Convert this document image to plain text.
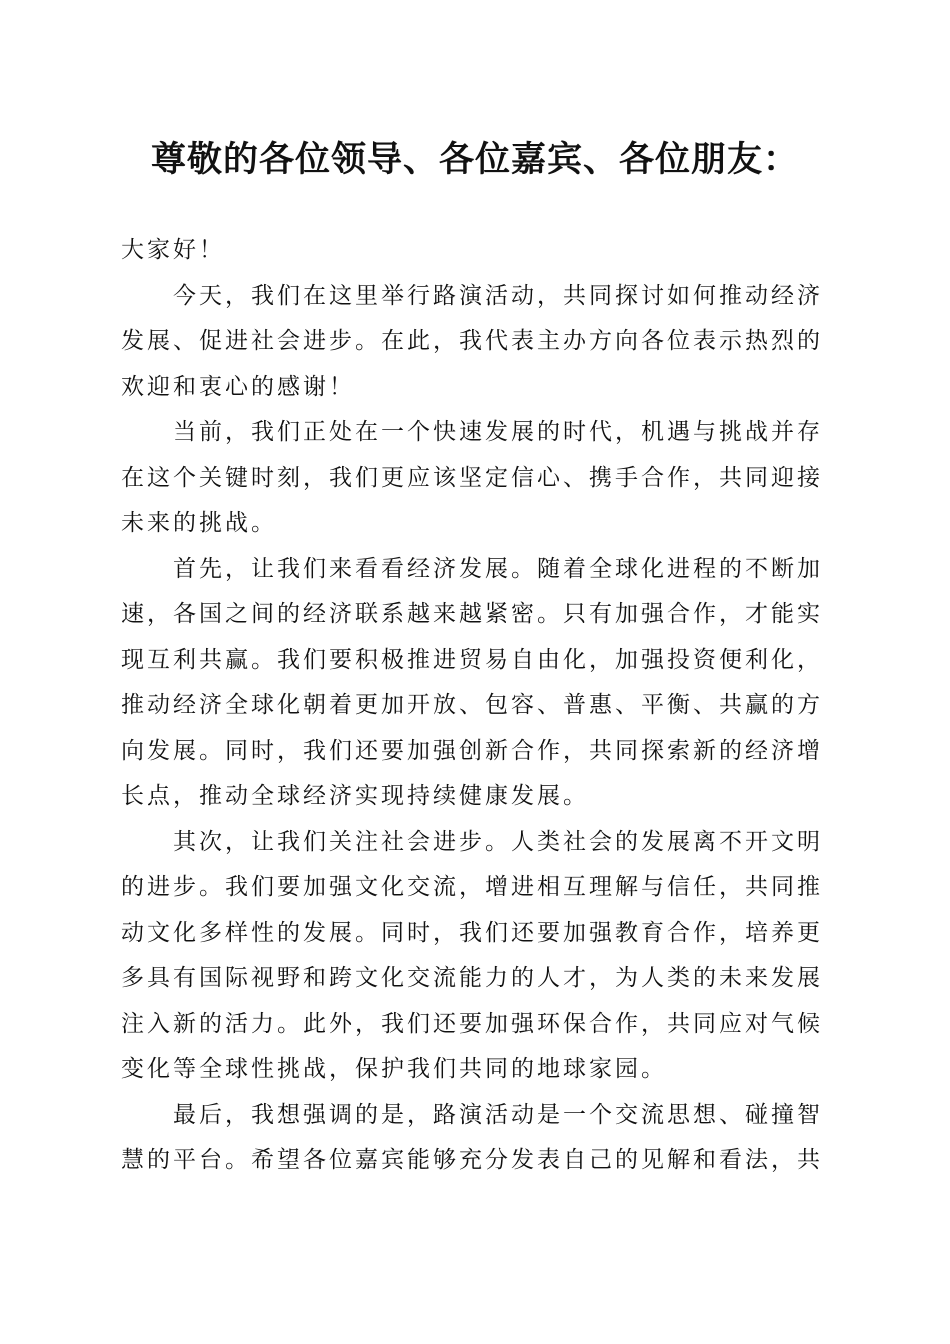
尊敬的各位领导、各位嘉宾、各位朋友：

大家好！

今天，我们在这里举行路演活动，共同探讨如何推动经济发展、促进社会进步。在此，我代表主办方向各位表示热烈的欢迎和衷心的感谢！

当前，我们正处在一个快速发展的时代，机遇与挑战并存在这个关键时刻，我们更应该坚定信心、携手合作，共同迎接未来的挑战。

首先，让我们来看看经济发展。随着全球化进程的不断加速，各国之间的经济联系越来越紧密。只有加强合作，才能实现互利共赢。我们要积极推进贸易自由化，加强投资便利化，推动经济全球化朝着更加开放、包容、普惠、平衡、共赢的方向发展。同时，我们还要加强创新合作，共同探索新的经济增长点，推动全球经济实现持续健康发展。

其次，让我们关注社会进步。人类社会的发展离不开文明的进步。我们要加强文化交流，增进相互理解与信任，共同推动文化多样性的发展。同时，我们还要加强教育合作，培养更多具有国际视野和跨文化交流能力的人才，为人类的未来发展注入新的活力。此外，我们还要加强环保合作，共同应对气候变化等全球性挑战，保护我们共同的地球家园。

最后，我想强调的是，路演活动是一个交流思想、碰撞智慧的平台。希望各位嘉宾能够充分发表自己的见解和看法，共
